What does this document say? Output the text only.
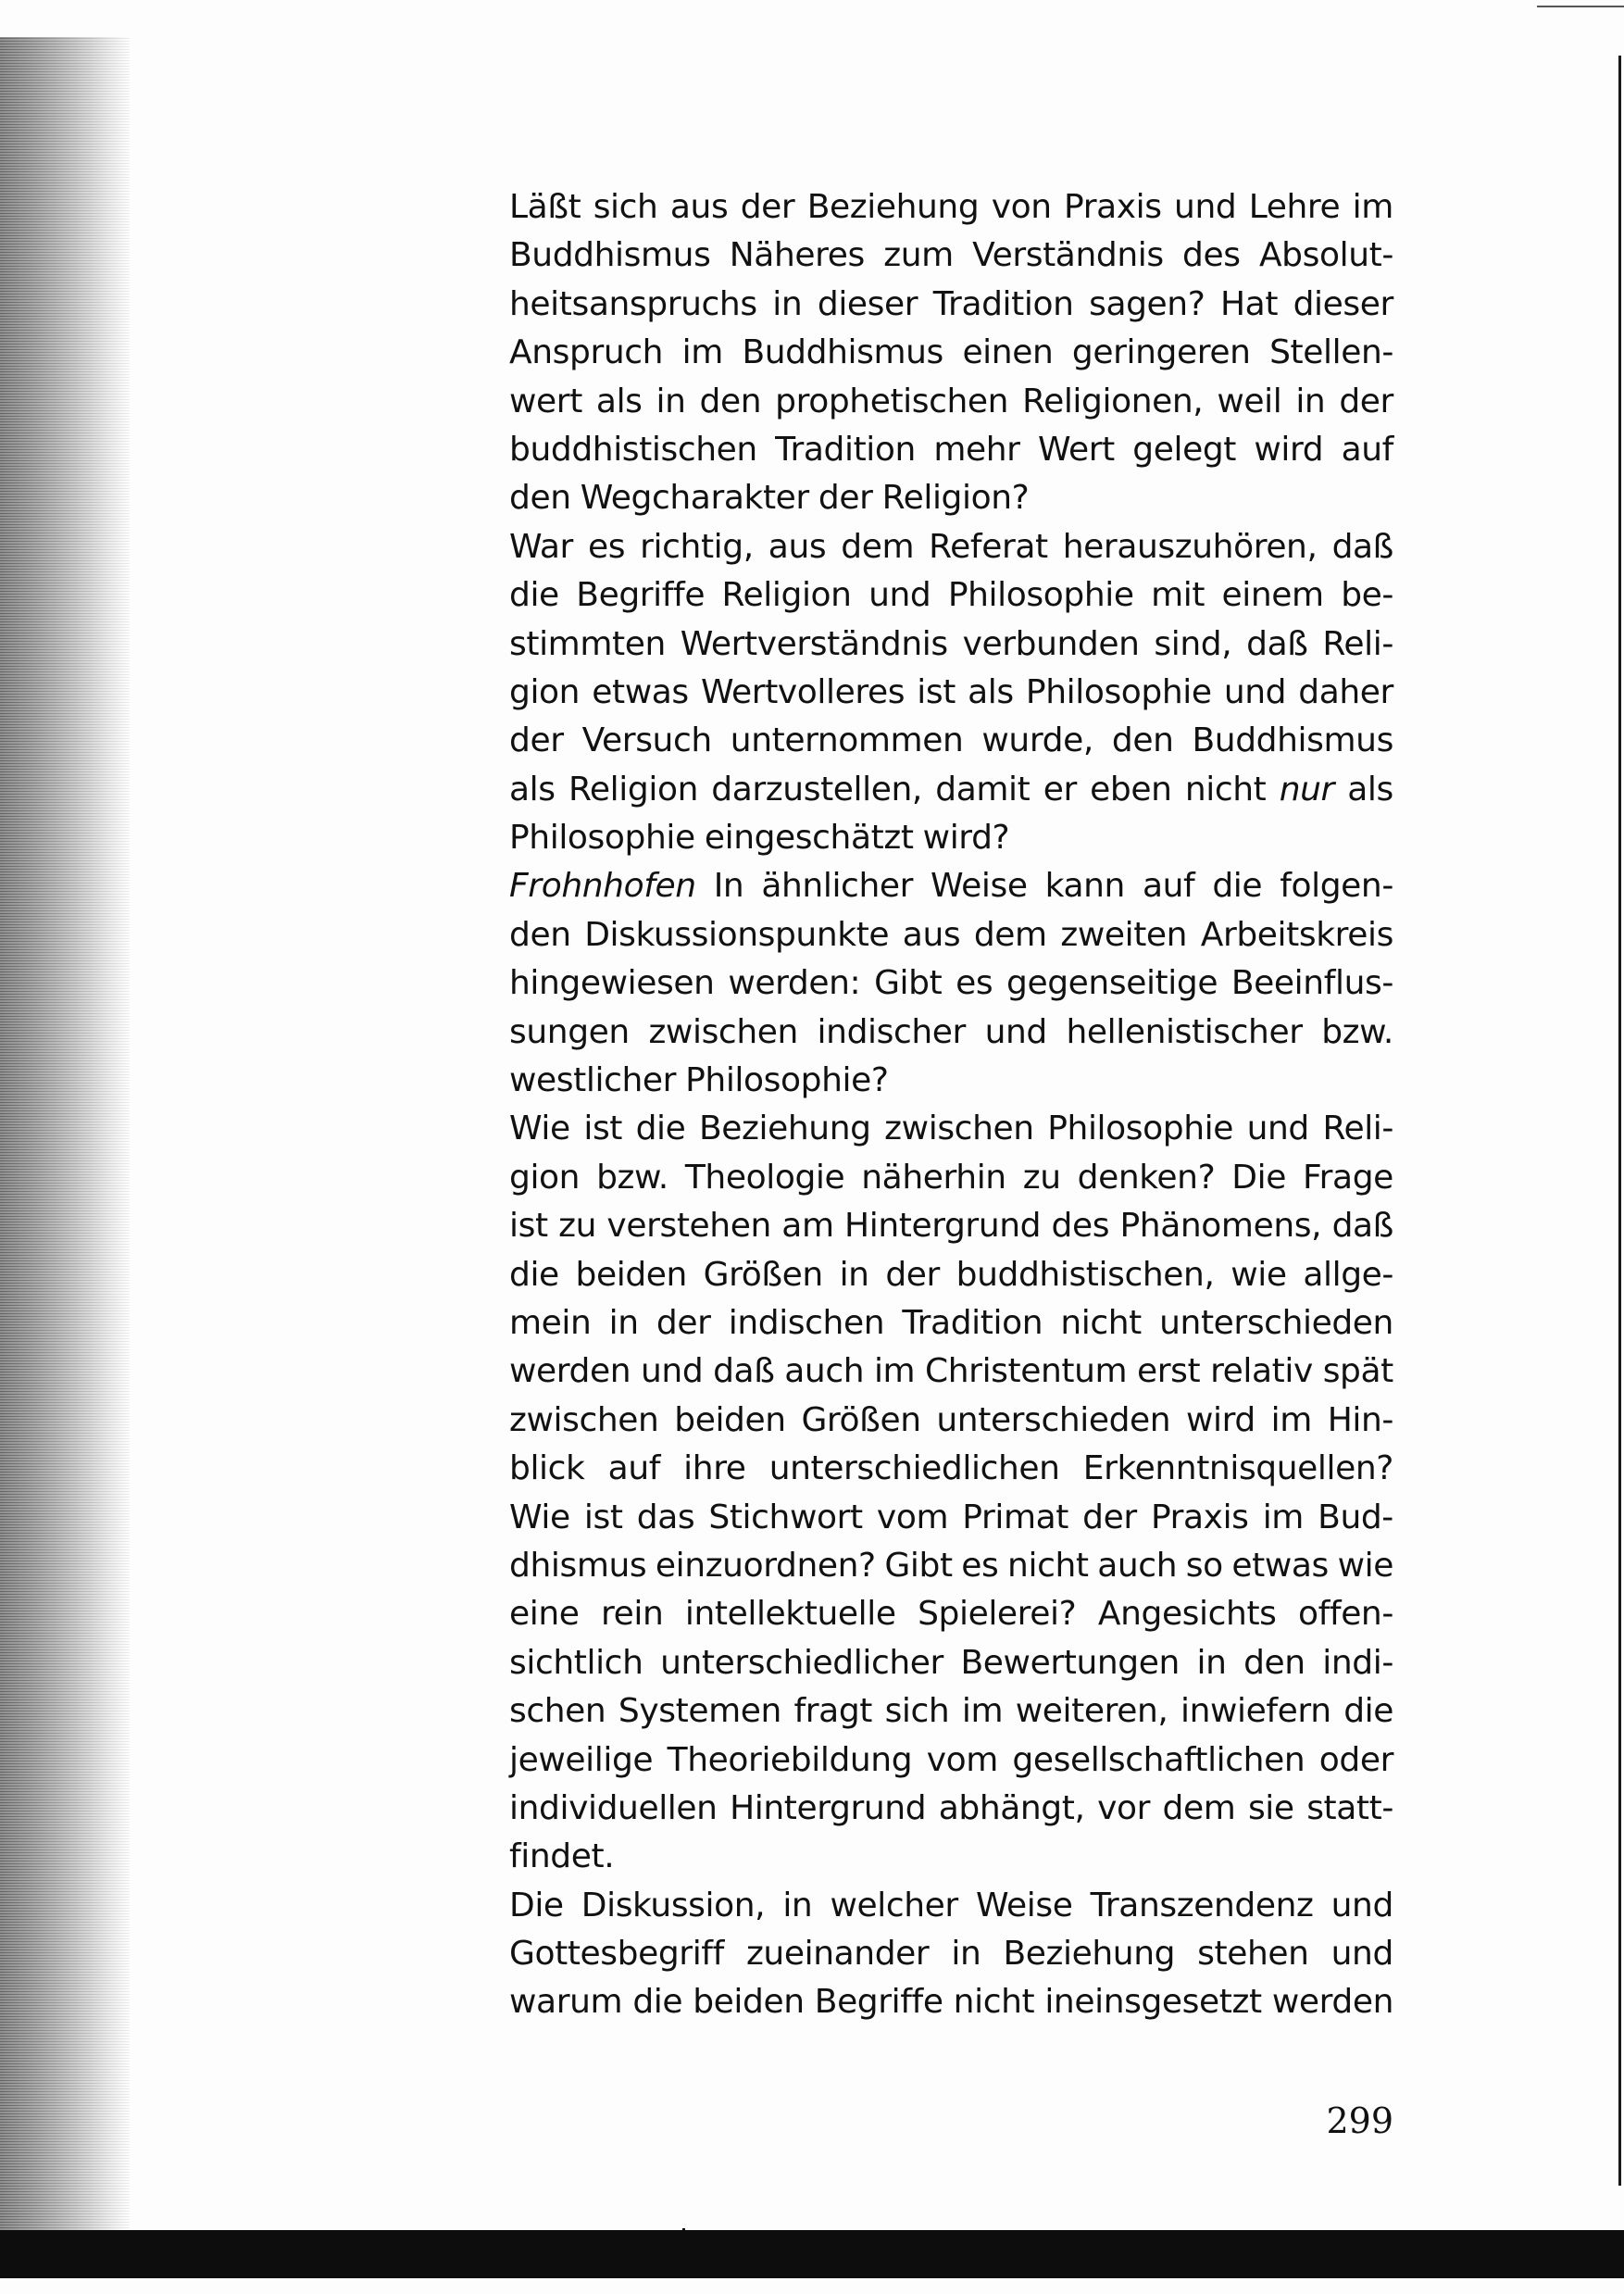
Läßt sich aus der Beziehung von Praxis und Lehre im
Buddhismus Näheres zum Verständnis des Absolut-
heitsanspruchs in dieser Tradition sagen? Hat dieser
Anspruch im Buddhismus einen geringeren Stellen-
wert als in den prophetischen Religionen, weil in der
buddhistischen Tradition mehr Wert gelegt wird auf
den Wegcharakter der Religion?
War es richtig, aus dem Referat herauszuhören, daß
die Begriffe Religion und Philosophie mit einem be-
stimmten Wertverständnis verbunden sind, daß Reli-
gion etwas Wertvolleres ist als Philosophie und daher
der Versuch unternommen wurde, den Buddhismus
als Religion darzustellen, damit er eben nicht nur als
Philosophie eingeschätzt wird?
Frohnhofen In ähnlicher Weise kann auf die folgen-
den Diskussionspunkte aus dem zweiten Arbeitskreis
hingewiesen werden: Gibt es gegenseitige Beeinflus-
sungen zwischen indischer und hellenistischer bzw.
westlicher Philosophie?
Wie ist die Beziehung zwischen Philosophie und Reli-
gion bzw. Theologie näherhin zu denken? Die Frage
ist zu verstehen am Hintergrund des Phänomens, daß
die beiden Größen in der buddhistischen, wie allge-
mein in der indischen Tradition nicht unterschieden
werden und daß auch im Christentum erst relativ spät
zwischen beiden Größen unterschieden wird im Hin-
blick auf ihre unterschiedlichen Erkenntnisquellen?
Wie ist das Stichwort vom Primat der Praxis im Bud-
dhismus einzuordnen? Gibt es nicht auch so etwas wie
eine rein intellektuelle Spielerei? Angesichts offen-
sichtlich unterschiedlicher Bewertungen in den indi-
schen Systemen fragt sich im weiteren, inwiefern die
jeweilige Theoriebildung vom gesellschaftlichen oder
individuellen Hintergrund abhängt, vor dem sie statt-
findet.
Die Diskussion, in welcher Weise Transzendenz und
Gottesbegriff zueinander in Beziehung stehen und
warum die beiden Begriffe nicht ineinsgesetzt werden
299
